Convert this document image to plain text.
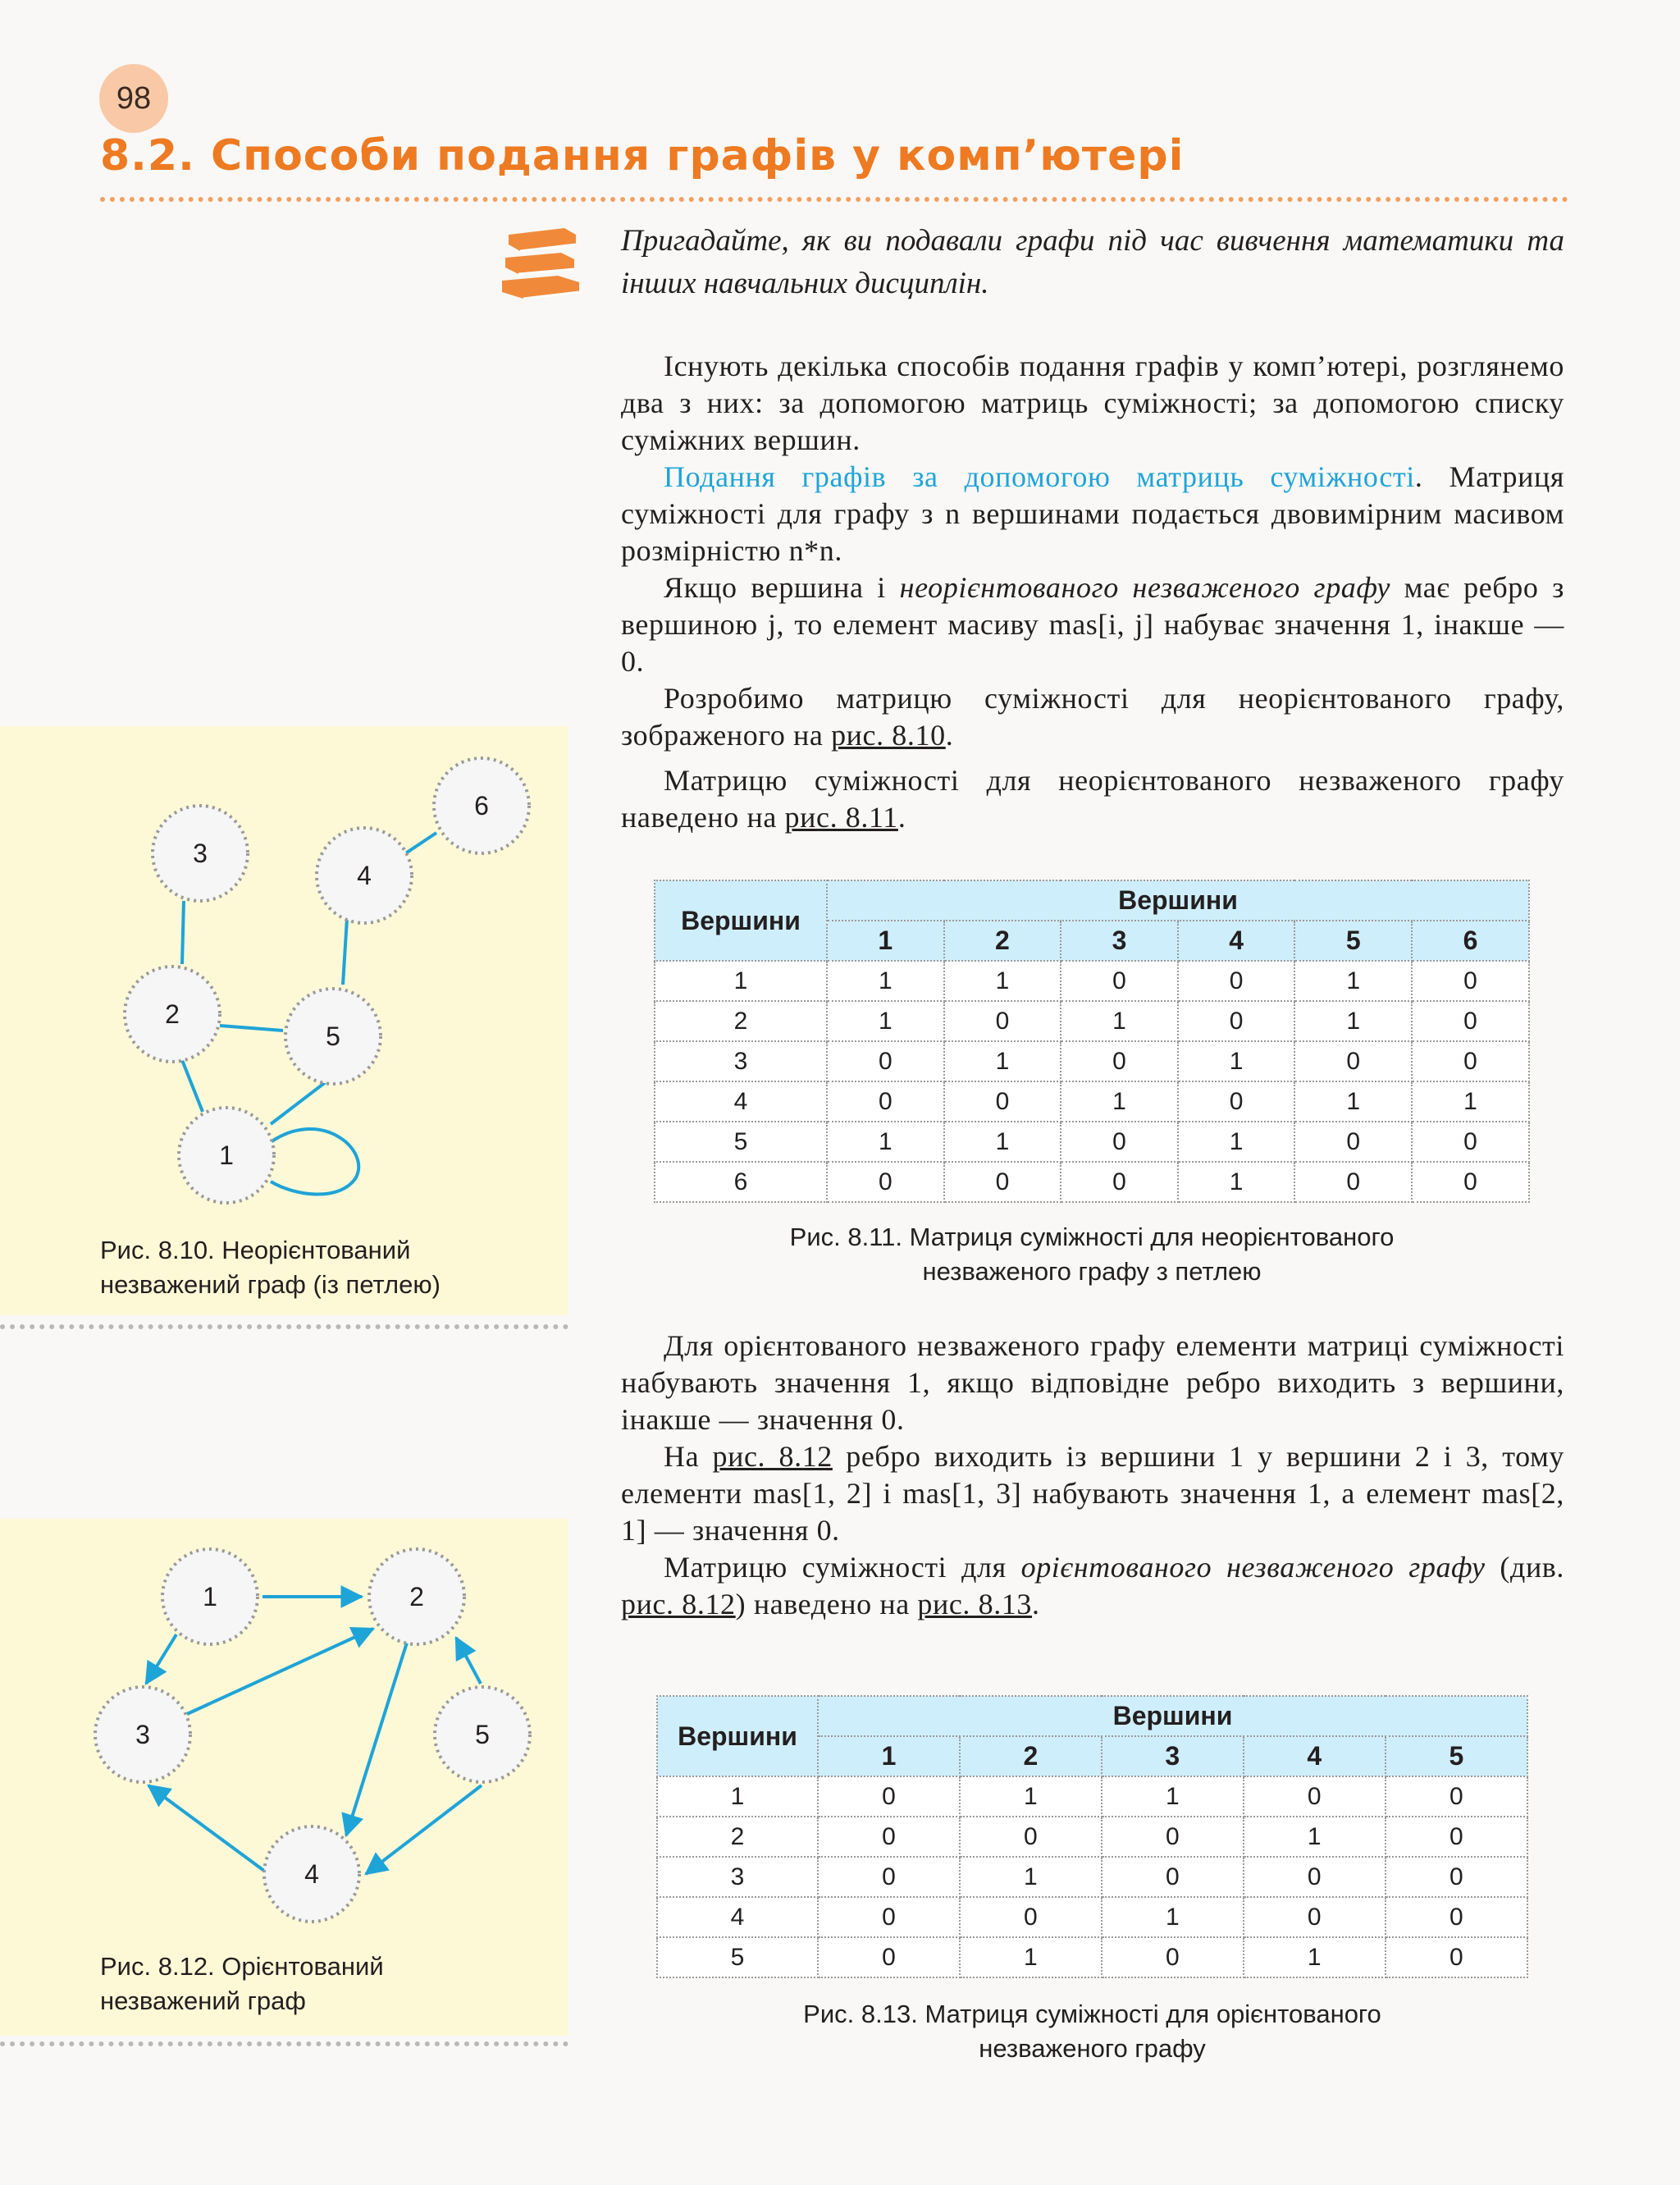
98
8.2. Способи подання графів у комп’ютері
Пригадайте, як ви подавали графи під час вивчення математики та інших навчальних дисциплін.

Існують декілька способів подання графів у комп’ютері, розглянемо два з них: за допомогою матриць суміжності; за допомогою списку суміжних вершин.

Подання графів за допомогою матриць суміжності. Матриця суміжності для графу з n вершинами подається двовимірним масивом розмірністю n*n.

Якщо вершина і неорієнтованого незваженого графу має ребро з вершиною j, то елемент масиву mas[i, j] набуває значення 1, інакше — 0.

Розробимо матрицю суміжності для неорієнтованого графу, зображеного на рис. 8.10.

Матрицю суміжності для неорієнтованого незваженого графу наведено на рис. 8.11.

1
2
3
4
5
6
Рис. 8.10. Неорієнтований
незважений граф (із петлею)
Вершини	Вершини					
	1	2	3	4	5	6
1	1	1	0	0	1	0
2	1	0	1	0	1	0
3	0	1	0	1	0	0
4	0	0	1	0	1	1
5	1	1	0	1	0	0
6	0	0	0	1	0	0
Рис. 8.11. Матриця суміжності для неорієнтованого
незваженого графу з петлею

Для орієнтованого незваженого графу елементи матриці суміжності набувають значення 1, якщо відповідне ребро виходить з вершини, інакше — значення 0.

На рис. 8.12 ребро виходить із вершини 1 у вершини 2 і 3, тому елементи mas[1, 2] і mas[1, 3] набувають значення 1, а елемент mas[2, 1] — значення 0.

Матрицю суміжності для орієнтованого незваженого графу (див. рис. 8.12) наведено на рис. 8.13.

1	2
3
4
5
Рис. 8.12. Орієнтований
незважений граф
Вершини	Вершини				
	1	2	3	4	5
1	0	1	1	0	0
2	0	0	0	1	0
3	0	1	0	0	0
4	0	0	1	0	0
5	0	1	0	1	0
Рис. 8.13. Матриця суміжності для орієнтованого
незваженого графу
